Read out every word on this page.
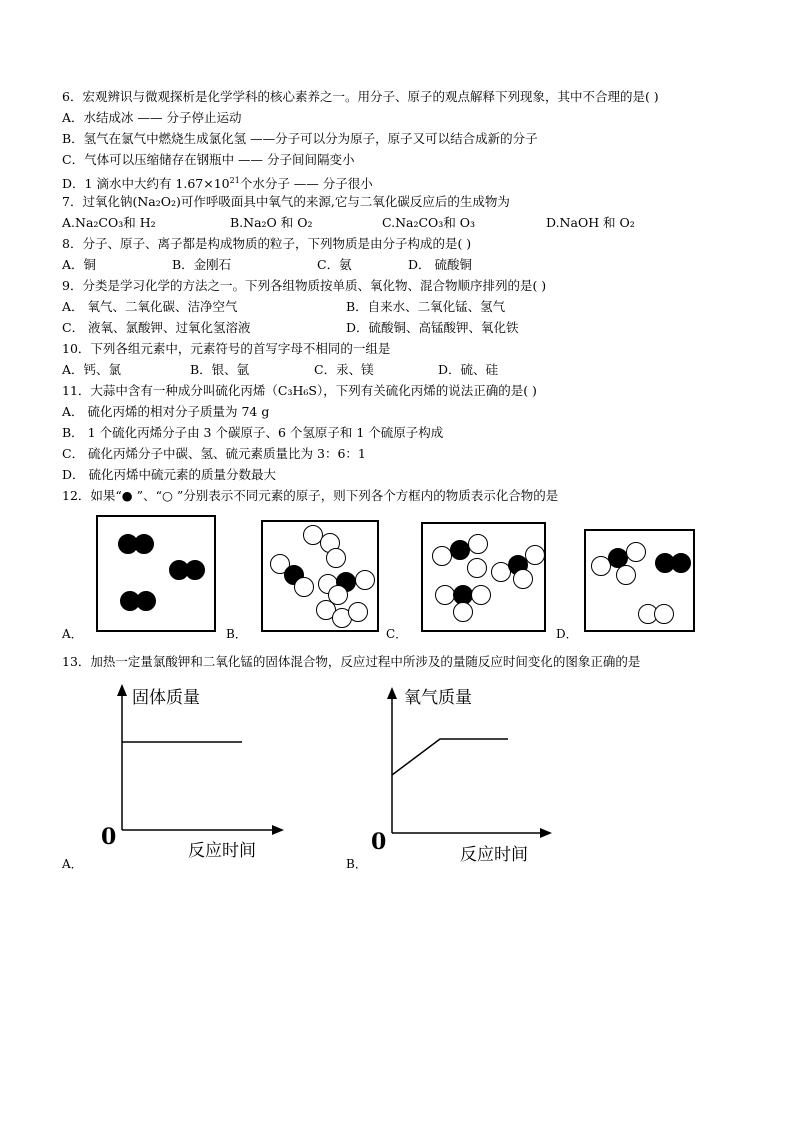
6．宏观辨识与微观探析是化学学科的核心素养之一。用分子、原子的观点解释下列现象，其中不合理的是( )
A．水结成冰 —— 分子停止运动
B．氢气在氯气中燃烧生成氯化氢 ——分子可以分为原子，原子又可以结合成新的分子
C．气体可以压缩储存在钢瓶中 —— 分子间间隔变小
D．1 滴水中大约有 $1.67\times 10^{21}$个水分子 —— 分子很小
7．过氧化钠(Na₂O₂)可作呼吸面具中氧气的来源,它与二氧化碳反应后的生成物为
A.Na₂CO₃和 H₂	B.Na₂O 和 O₂	C.Na₂CO₃和 O₃	D.NaOH 和 O₂
8．分子、原子、离子都是构成物质的粒子，下列物质是由分子构成的是( )
A．铜	B．金刚石	C．氨	D． 硫酸铜
9．分类是学习化学的方法之一。下列各组物质按单质、氧化物、混合物顺序排列的是( )
A． 氧气、二氧化碳、洁净空气	B．自来水、二氧化锰、氢气
C． 液氧、氯酸钾、过氧化氢溶液	D．硫酸铜、高锰酸钾、氧化铁
10．下列各组元素中，元素符号的首写字母不相同的一组是
A．钙、氯	B．银、氩	C．汞、镁	D．硫、硅
11．大蒜中含有一种成分叫硫化丙烯（C₃H₆S），下列有关硫化丙烯的说法正确的是( )
A． 硫化丙烯的相对分子质量为 74 g
B． 1 个硫化丙烯分子由 3 个碳原子、6 个氢原子和 1 个硫原子构成
C． 硫化丙烯分子中碳、氢、硫元素质量比为 3：6：1
D． 硫化丙烯中硫元素的质量分数最大
12．如果“● ”、“○ ”分别表示不同元素的原子，则下列各个方框内的物质表示化合物的是
A．	B．	C．	D．
13．加热一定量氯酸钾和二氧化锰的固体混合物，反应过程中所涉及的量随反应时间变化的图象正确的是
固体质量
0
反应时间
A．
氧气质量
0	反应时间
B．
